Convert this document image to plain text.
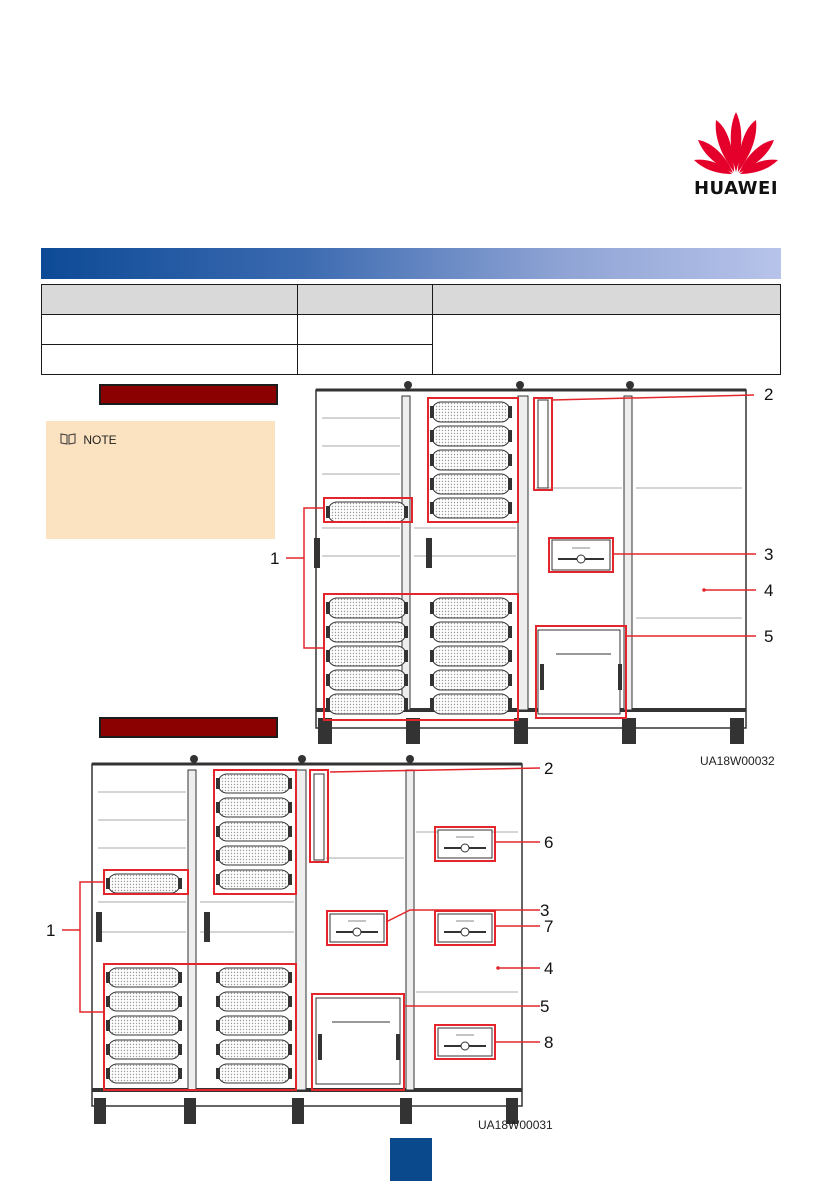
HUAWEI

NOTE
1
2
3
4
5
UA18W00032
1
2
3
4
5
6
7
8
UA18W00031
